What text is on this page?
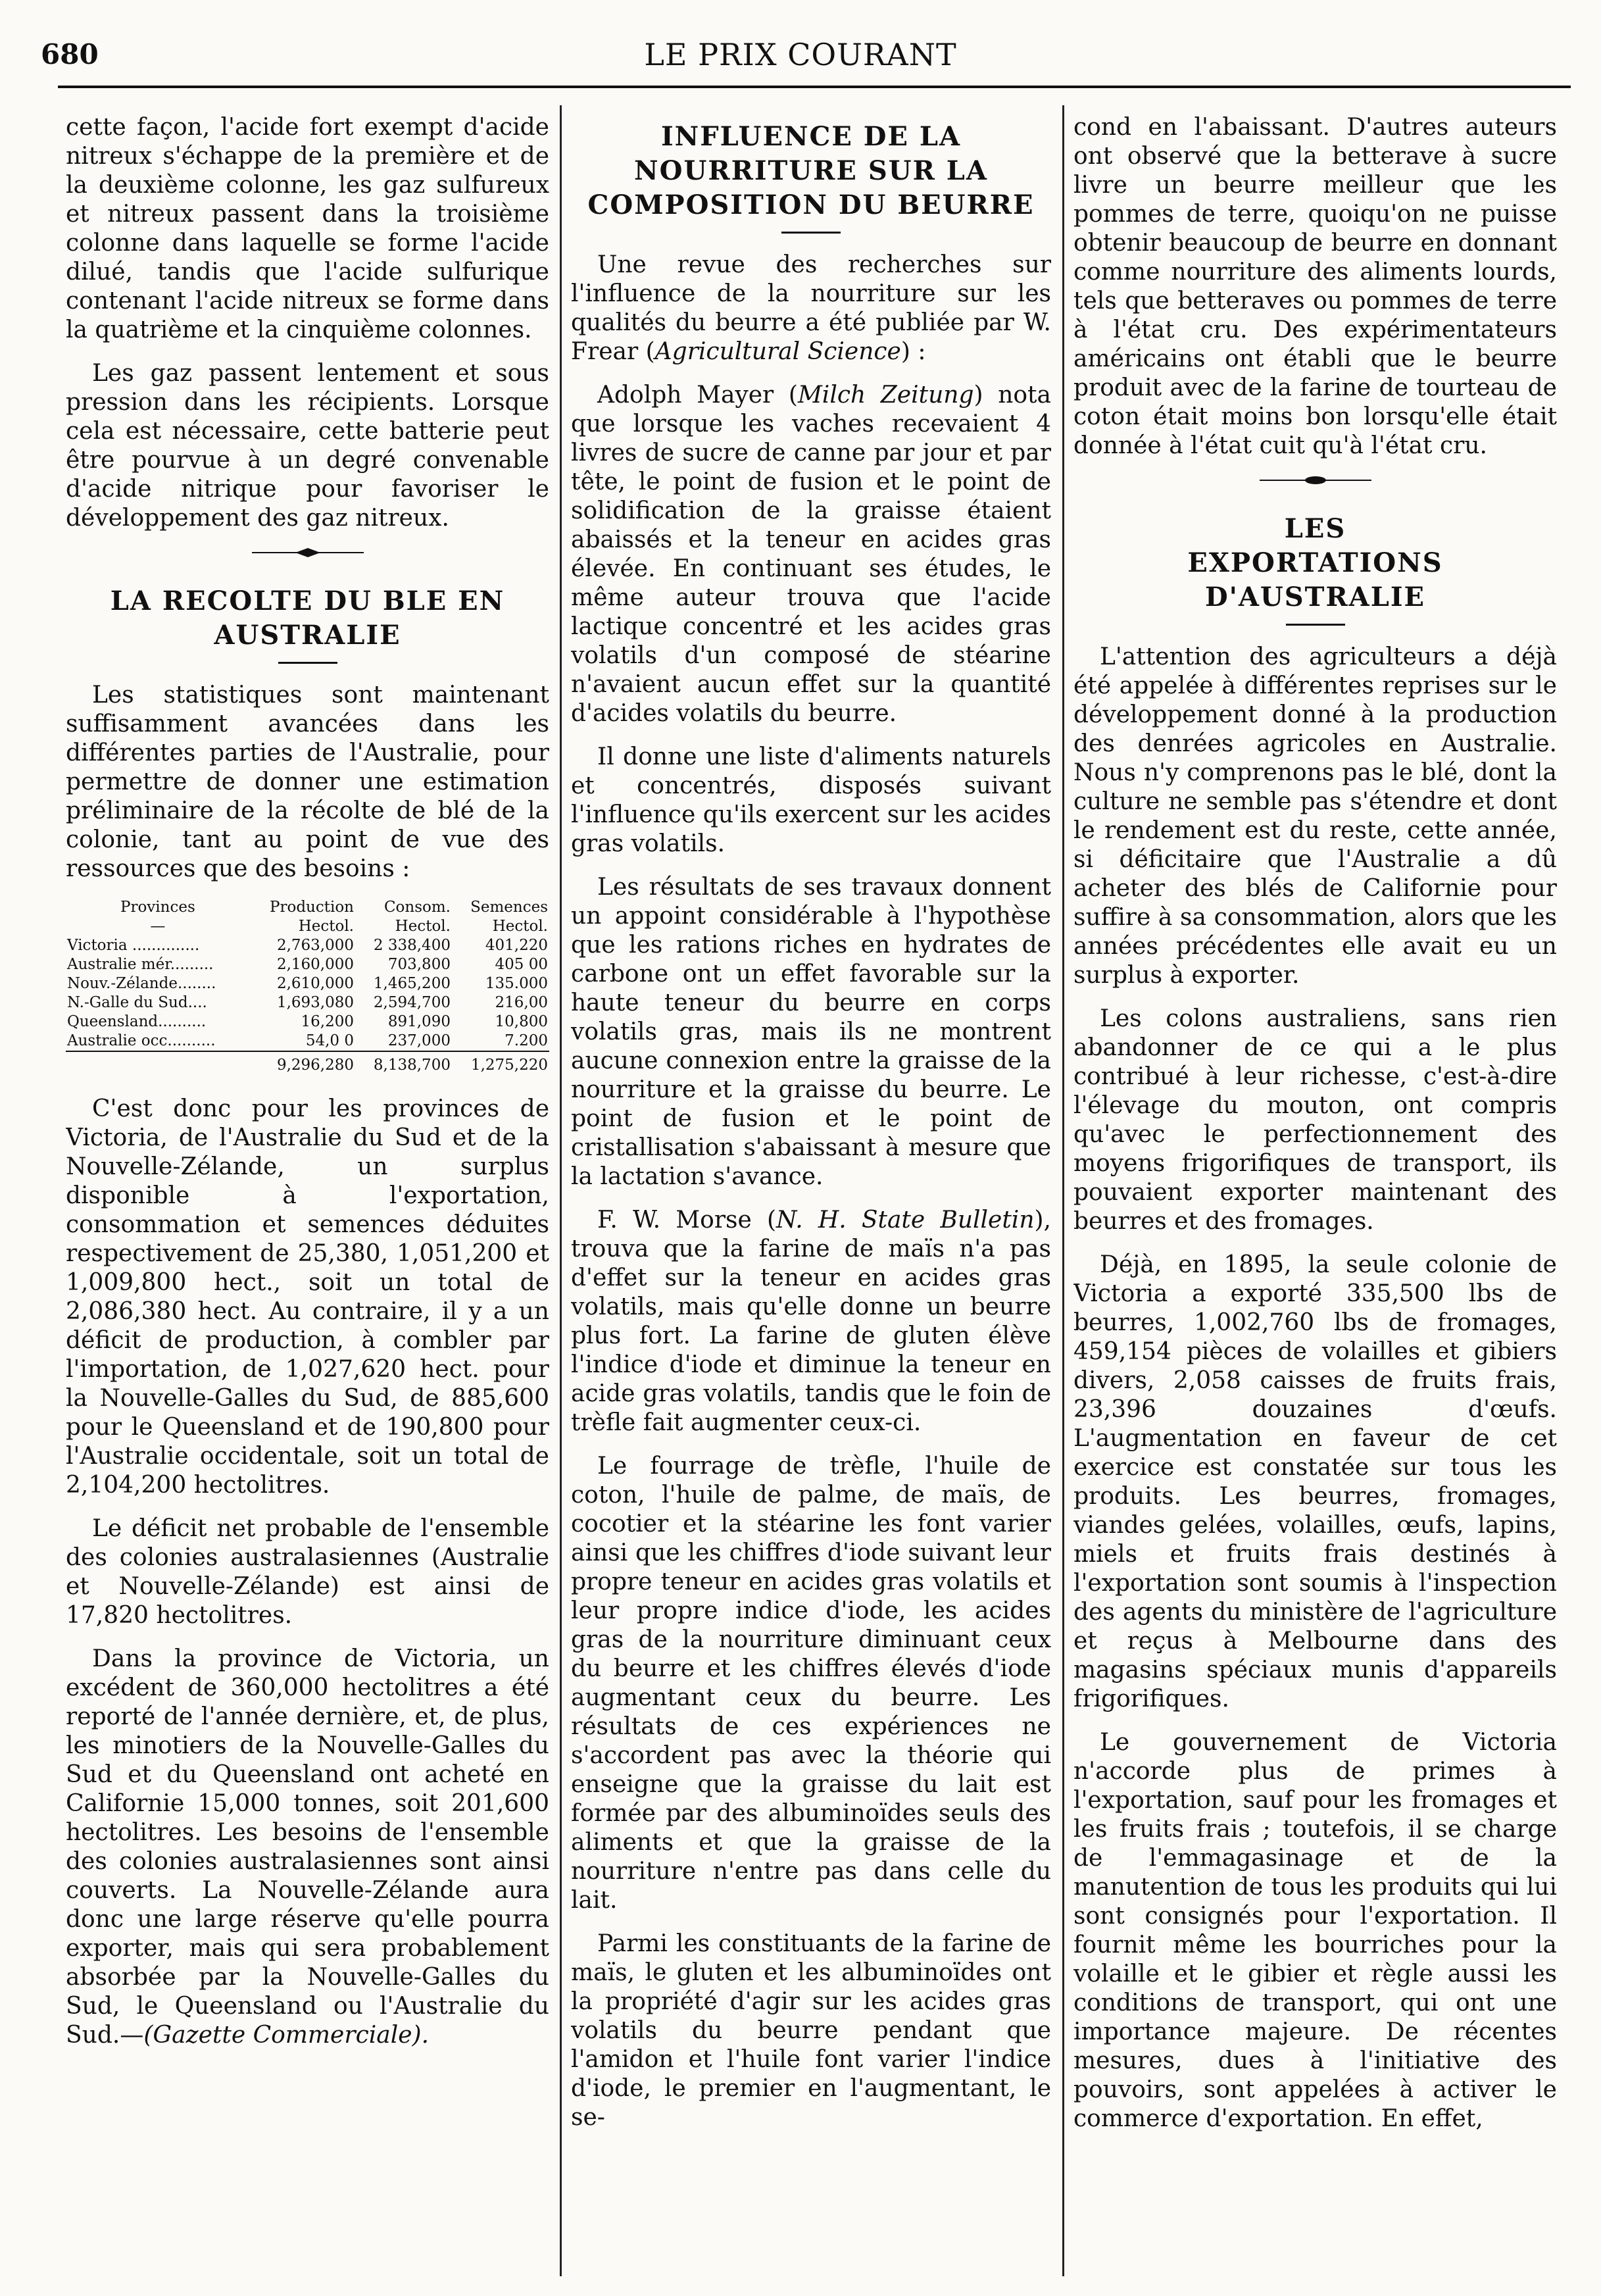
680	LE PRIX COURANT

cette façon, l'acide fort exempt d'acide nitreux s'échappe de la première et de la deuxième colonne, les gaz sulfureux et nitreux passent dans la troisième colonne dans laquelle se forme l'acide dilué, tandis que l'acide sulfurique contenant l'acide nitreux se forme dans la quatrième et la cinquième colonnes.

Les gaz passent lentement et sous pression dans les récipients. Lorsque cela est nécessaire, cette batterie peut être pourvue à un degré convenable d'acide nitrique pour favoriser le développement des gaz nitreux.

LA RECOLTE DU BLE EN AUSTRALIE

Les statistiques sont maintenant suffisamment avancées dans les différentes parties de l'Australie, pour permettre de donner une estimation préliminaire de la récolte de blé de la colonie, tant au point de vue des ressources que des besoins :

Provinces	Production	Consom.	Semences
—	Hectol.	Hectol.	Hectol.
Victoria ..............	2,763,000	2 338,400	401,220
Australie mér.........	2,160,000	703,800	405 00
Nouv.-Zélande........	2,610,000	1,465,200	135.000
N.-Galle du Sud....	1,693,080	2,594,700	216,00
Queensland..........	16,200	891,090	10,800
Australie occ..........	54,0 0	237,000	7.200
	9,296,280	8,138,700	1,275,220

C'est donc pour les provinces de Victoria, de l'Australie du Sud et de la Nouvelle-Zélande, un surplus disponible à l'exportation, consommation et semences déduites respectivement de 25,380, 1,051,200 et 1,009,800 hect., soit un total de 2,086,380 hect. Au contraire, il y a un déficit de production, à combler par l'importation, de 1,027,620 hect. pour la Nouvelle-Galles du Sud, de 885,600 pour le Queensland et de 190,800 pour l'Australie occidentale, soit un total de 2,104,200 hectolitres.

Le déficit net probable de l'ensemble des colonies australasiennes (Australie et Nouvelle-Zélande) est ainsi de 17,820 hectolitres.

Dans la province de Victoria, un excédent de 360,000 hectolitres a été reporté de l'année dernière, et, de plus, les minotiers de la Nouvelle-Galles du Sud et du Queensland ont acheté en Californie 15,000 tonnes, soit 201,600 hectolitres. Les besoins de l'ensemble des colonies australasiennes sont ainsi couverts. La Nouvelle-Zélande aura donc une large réserve qu'elle pourra exporter, mais qui sera probablement absorbée par la Nouvelle-Galles du Sud, le Queensland ou l'Australie du Sud.—(Gazette Commerciale).

INFLUENCE DE LA NOURRITURE SUR LA COMPOSITION DU BEURRE

Une revue des recherches sur l'influence de la nourriture sur les qualités du beurre a été publiée par W. Frear (Agricultural Science) :

Adolph Mayer (Milch Zeitung) nota que lorsque les vaches recevaient 4 livres de sucre de canne par jour et par tête, le point de fusion et le point de solidification de la graisse étaient abaissés et la teneur en acides gras élevée. En continuant ses études, le même auteur trouva que l'acide lactique concentré et les acides gras volatils d'un composé de stéarine n'avaient aucun effet sur la quantité d'acides volatils du beurre.

Il donne une liste d'aliments naturels et concentrés, disposés suivant l'influence qu'ils exercent sur les acides gras volatils.

Les résultats de ses travaux donnent un appoint considérable à l'hypothèse que les rations riches en hydrates de carbone ont un effet favorable sur la haute teneur du beurre en corps volatils gras, mais ils ne montrent aucune connexion entre la graisse de la nourriture et la graisse du beurre. Le point de fusion et le point de cristallisation s'abaissant à mesure que la lactation s'avance.

F. W. Morse (N. H. State Bulletin), trouva que la farine de maïs n'a pas d'effet sur la teneur en acides gras volatils, mais qu'elle donne un beurre plus fort. La farine de gluten élève l'indice d'iode et diminue la teneur en acide gras volatils, tandis que le foin de trèfle fait augmenter ceux-ci.

Le fourrage de trèfle, l'huile de coton, l'huile de palme, de maïs, de cocotier et la stéarine les font varier ainsi que les chiffres d'iode suivant leur propre teneur en acides gras volatils et leur propre indice d'iode, les acides gras de la nourriture diminuant ceux du beurre et les chiffres élevés d'iode augmentant ceux du beurre. Les résultats de ces expériences ne s'accordent pas avec la théorie qui enseigne que la graisse du lait est formée par des albuminoïdes seuls des aliments et que la graisse de la nourriture n'entre pas dans celle du lait.

Parmi les constituants de la farine de maïs, le gluten et les albuminoïdes ont la propriété d'agir sur les acides gras volatils du beurre pendant que l'amidon et l'huile font varier l'indice d'iode, le premier en l'augmentant, le se-

cond en l'abaissant. D'autres auteurs ont observé que la betterave à sucre livre un beurre meilleur que les pommes de terre, quoiqu'on ne puisse obtenir beaucoup de beurre en donnant comme nourriture des aliments lourds, tels que betteraves ou pommes de terre à l'état cru. Des expérimentateurs américains ont établi que le beurre produit avec de la farine de tourteau de coton était moins bon lorsqu'elle était donnée à l'état cuit qu'à l'état cru.

LES
EXPORTATIONS D'AUSTRALIE

L'attention des agriculteurs a déjà été appelée à différentes reprises sur le développement donné à la production des denrées agricoles en Australie. Nous n'y comprenons pas le blé, dont la culture ne semble pas s'étendre et dont le rendement est du reste, cette année, si déficitaire que l'Australie a dû acheter des blés de Californie pour suffire à sa consommation, alors que les années précédentes elle avait eu un surplus à exporter.

Les colons australiens, sans rien abandonner de ce qui a le plus contribué à leur richesse, c'est-à-dire l'élevage du mouton, ont compris qu'avec le perfectionnement des moyens frigorifiques de transport, ils pouvaient exporter maintenant des beurres et des fromages.

Déjà, en 1895, la seule colonie de Victoria a exporté 335,500 lbs de beurres, 1,002,760 lbs de fromages, 459,154 pièces de volailles et gibiers divers, 2,058 caisses de fruits frais, 23,396 douzaines d'œufs. L'augmentation en faveur de cet exercice est constatée sur tous les produits. Les beurres, fromages, viandes gelées, volailles, œufs, lapins, miels et fruits frais destinés à l'exportation sont soumis à l'inspection des agents du ministère de l'agriculture et reçus à Melbourne dans des magasins spéciaux munis d'appareils frigorifiques.

Le gouvernement de Victoria n'accorde plus de primes à l'exportation, sauf pour les fromages et les fruits frais ; toutefois, il se charge de l'emmagasinage et de la manutention de tous les produits qui lui sont consignés pour l'exportation. Il fournit même les bourriches pour la volaille et le gibier et règle aussi les conditions de transport, qui ont une importance majeure. De récentes mesures, dues à l'initiative des pouvoirs, sont appelées à activer le commerce d'exportation. En effet,
